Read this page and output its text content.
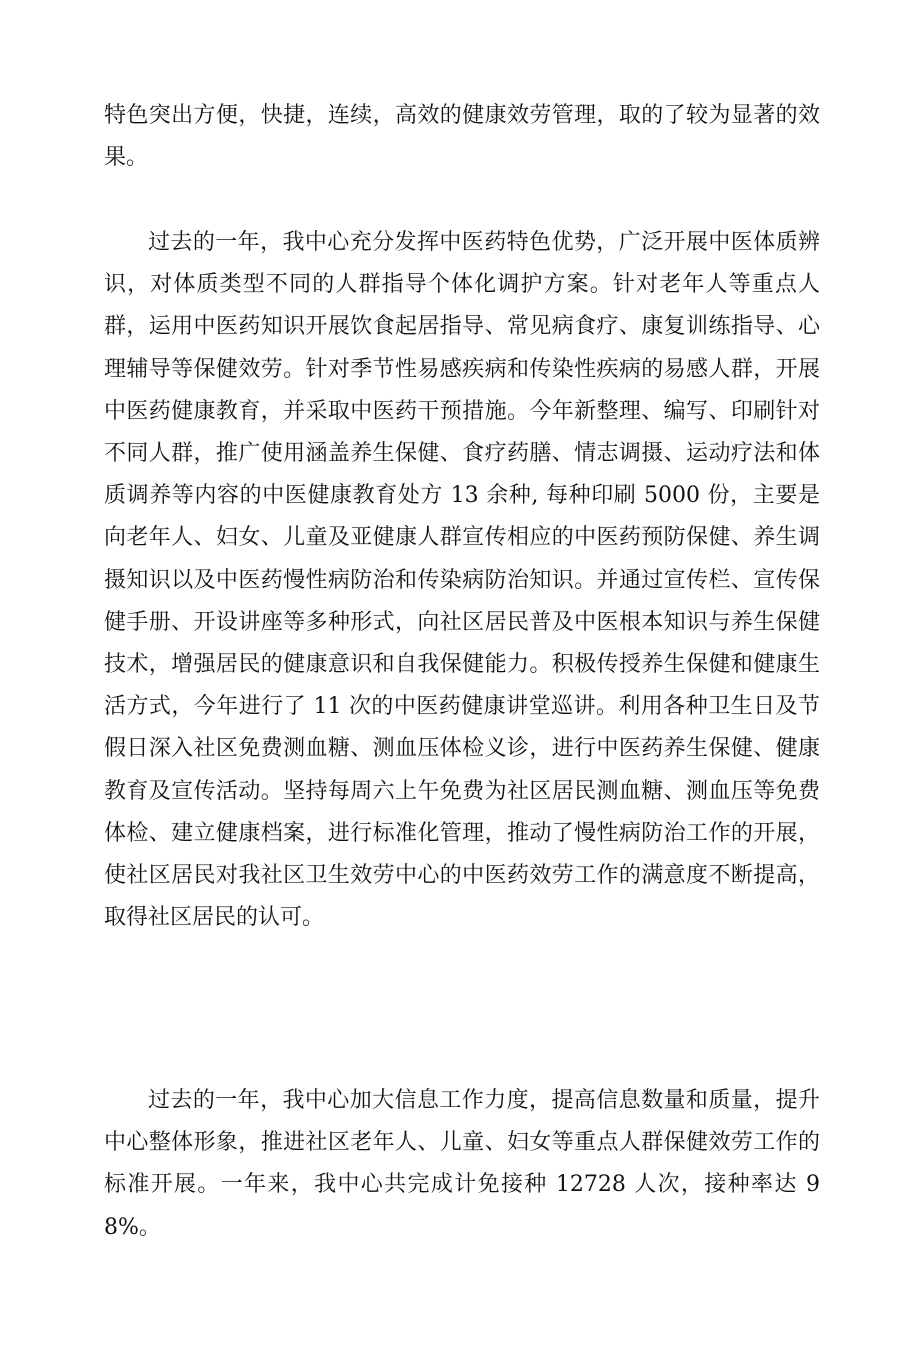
特色突出方便，快捷，连续，高效的健康效劳管理，取的了较为显著的效果。

过去的一年，我中心充分发挥中医药特色优势，广泛开展中医体质辨识，对体质类型不同的人群指导个体化调护方案。针对老年人等重点人群，运用中医药知识开展饮食起居指导、常见病食疗、康复训练指导、心理辅导等保健效劳。针对季节性易感疾病和传染性疾病的易感人群，开展中医药健康教育，并采取中医药干预措施。今年新整理、编写、印刷针对不同人群，推广使用涵盖养生保健、食疗药膳、情志调摄、运动疗法和体质调养等内容的中医健康教育处方 13 余种, 每种印刷 5000 份，主要是向老年人、妇女、儿童及亚健康人群宣传相应的中医药预防保健、养生调摄知识以及中医药慢性病防治和传染病防治知识。并通过宣传栏、宣传保健手册、开设讲座等多种形式，向社区居民普及中医根本知识与养生保健技术，增强居民的健康意识和自我保健能力。积极传授养生保健和健康生活方式，今年进行了 11 次的中医药健康讲堂巡讲。利用各种卫生日及节假日深入社区免费测血糖、测血压体检义诊，进行中医药养生保健、健康教育及宣传活动。坚持每周六上午免费为社区居民测血糖、测血压等免费体检、建立健康档案，进行标准化管理，推动了慢性病防治工作的开展，使社区居民对我社区卫生效劳中心的中医药效劳工作的满意度不断提高，取得社区居民的认可。

过去的一年，我中心加大信息工作力度，提高信息数量和质量，提升中心整体形象，推进社区老年人、儿童、妇女等重点人群保健效劳工作的标准开展。一年来，我中心共完成计免接种 12728 人次，接种率达 98%。
